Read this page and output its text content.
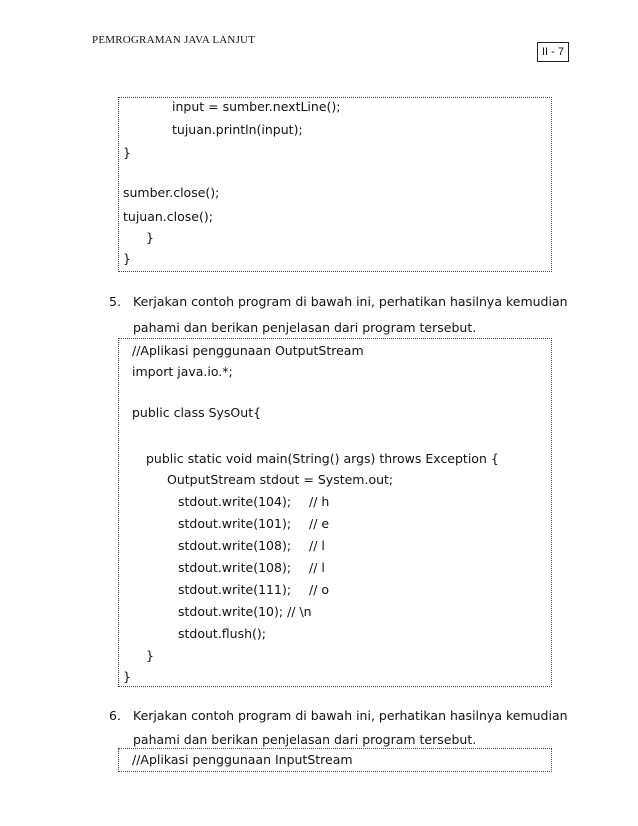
PEMROGRAMAN JAVA LANJUT
II - 7
input = sumber.nextLine();
tujuan.println(input);
}
sumber.close();
tujuan.close();
}
}
5. Kerjakan contoh program di bawah ini, perhatikan hasilnya kemudian
pahami dan berikan penjelasan dari program tersebut.
//Aplikasi penggunaan OutputStream
import java.io.*;
public class SysOut{
public static void main(String() args) throws Exception {
OutputStream stdout = System.out;
stdout.write(104); // h
stdout.write(101); // e
stdout.write(108); // l
stdout.write(108); // l
stdout.write(111); // o
stdout.write(10); // \n
stdout.flush();
}
}
6. Kerjakan contoh program di bawah ini, perhatikan hasilnya kemudian
pahami dan berikan penjelasan dari program tersebut.
//Aplikasi penggunaan InputStream
